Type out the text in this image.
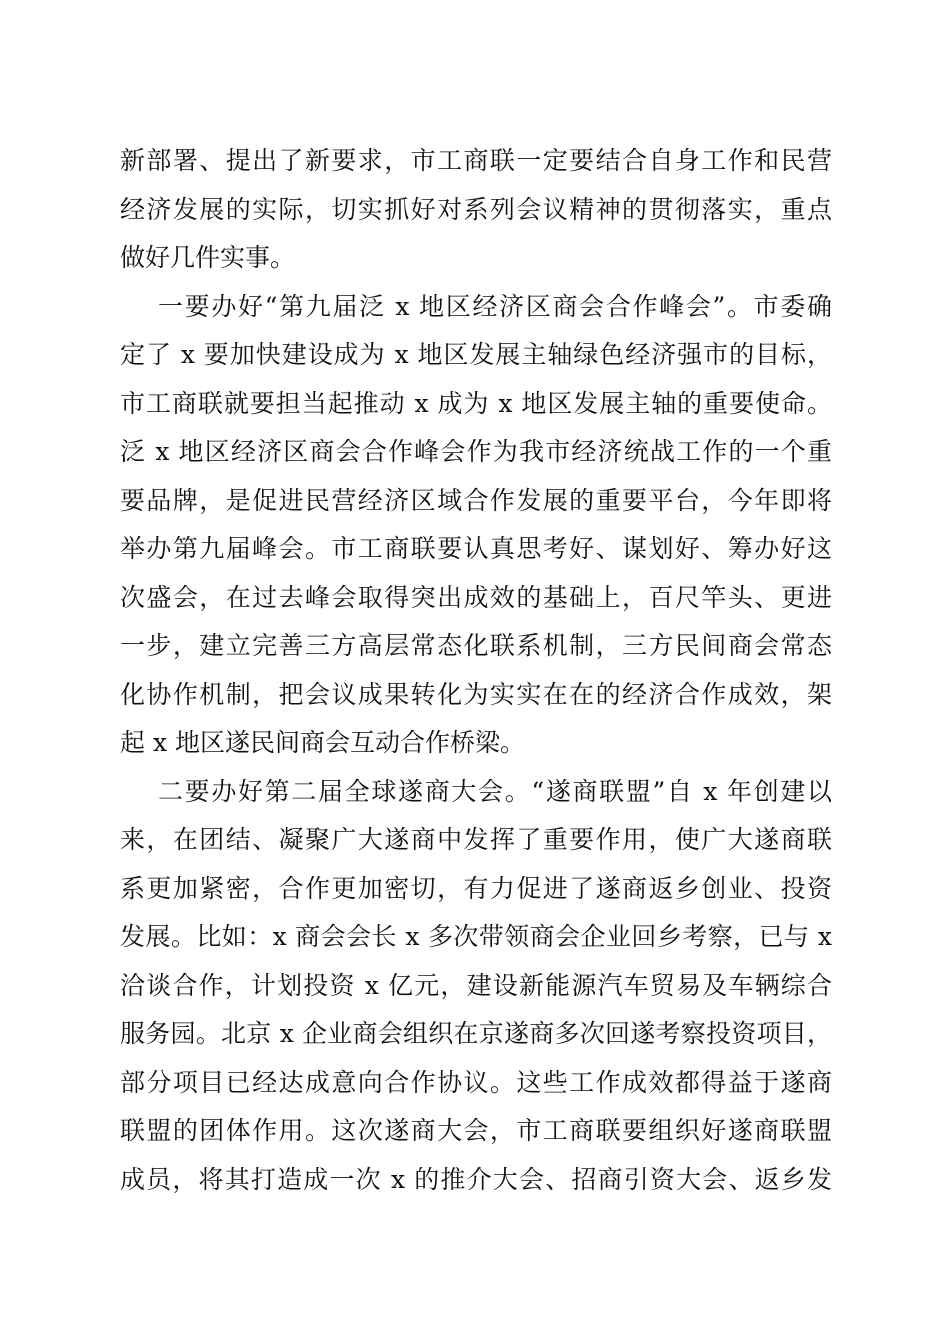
新部署、提出了新要求，市工商联一定要结合自身工作和民营
经济发展的实际，切实抓好对系列会议精神的贯彻落实，重点
做好几件实事。
一要办好“第九届泛 x 地区经济区商会合作峰会”。市委确
定了 x 要加快建设成为 x 地区发展主轴绿色经济强市的目标，
市工商联就要担当起推动 x 成为 x 地区发展主轴的重要使命。
泛 x 地区经济区商会合作峰会作为我市经济统战工作的一个重
要品牌，是促进民营经济区域合作发展的重要平台，今年即将
举办第九届峰会。市工商联要认真思考好、谋划好、筹办好这
次盛会，在过去峰会取得突出成效的基础上，百尺竿头、更进
一步，建立完善三方高层常态化联系机制，三方民间商会常态
化协作机制，把会议成果转化为实实在在的经济合作成效，架
起 x 地区遂民间商会互动合作桥梁。
二要办好第二届全球遂商大会。“遂商联盟”自 x 年创建以
来，在团结、凝聚广大遂商中发挥了重要作用，使广大遂商联
系更加紧密，合作更加密切，有力促进了遂商返乡创业、投资
发展。比如：x 商会会长 x 多次带领商会企业回乡考察，已与 x
洽谈合作，计划投资 x 亿元，建设新能源汽车贸易及车辆综合
服务园。北京 x 企业商会组织在京遂商多次回遂考察投资项目，
部分项目已经达成意向合作协议。这些工作成效都得益于遂商
联盟的团体作用。这次遂商大会，市工商联要组织好遂商联盟
成员，将其打造成一次 x 的推介大会、招商引资大会、返乡发
